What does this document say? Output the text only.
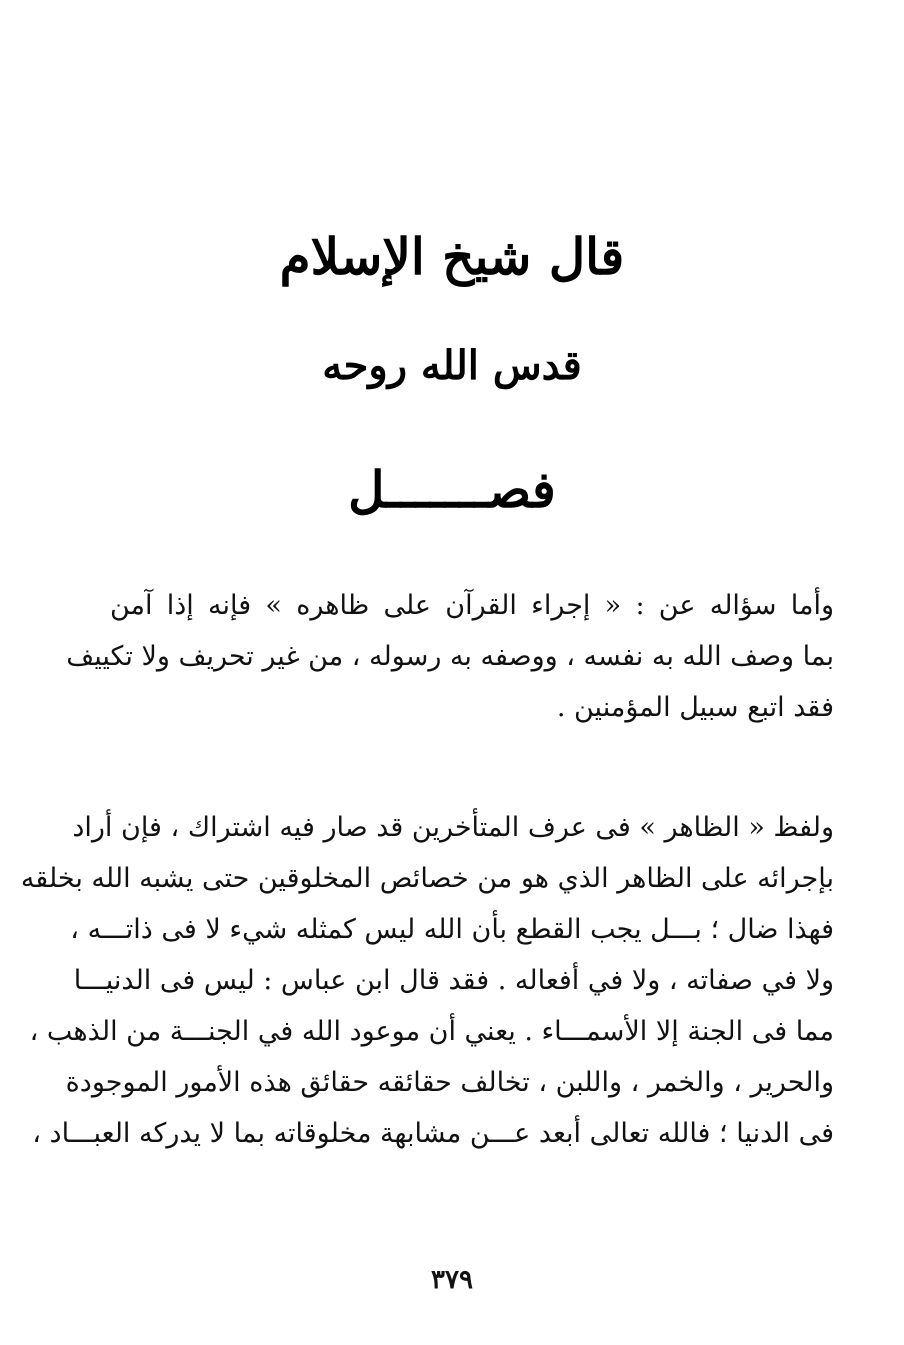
قال شيخ الإسلام
قدس الله روحه
فصـــــــل
وأما سؤاله عن : « إجراء القرآن على ظاهره » فإنه إذا آمن
بما وصف الله به نفسه ، ووصفه به رسوله ، من غير تحريف ولا تكييف
فقد اتبع سبيل المؤمنين .
ولفظ « الظاهر » فى عرف المتأخرين قد صار فيه اشتراك ، فإن أراد
بإجرائه على الظاهر الذي هو من خصائص المخلوقين حتى يشبه الله بخلقه
فهذا ضال ؛ بـــل يجب القطع بأن الله ليس كمثله شيء لا فى ذاتـــه ،
ولا في صفاته ، ولا في أفعاله . فقد قال ابن عباس : ليس فى الدنيـــا
مما فى الجنة إلا الأسمـــاء . يعني أن موعود الله في الجنـــة من الذهب ،
والحرير ، والخمر ، واللبن ، تخالف حقائقه حقائق هذه الأمور الموجودة
فى الدنيا ؛ فالله تعالى أبعد عـــن مشابهة مخلوقاته بما لا يدركه العبـــاد ،
٣٧٩
